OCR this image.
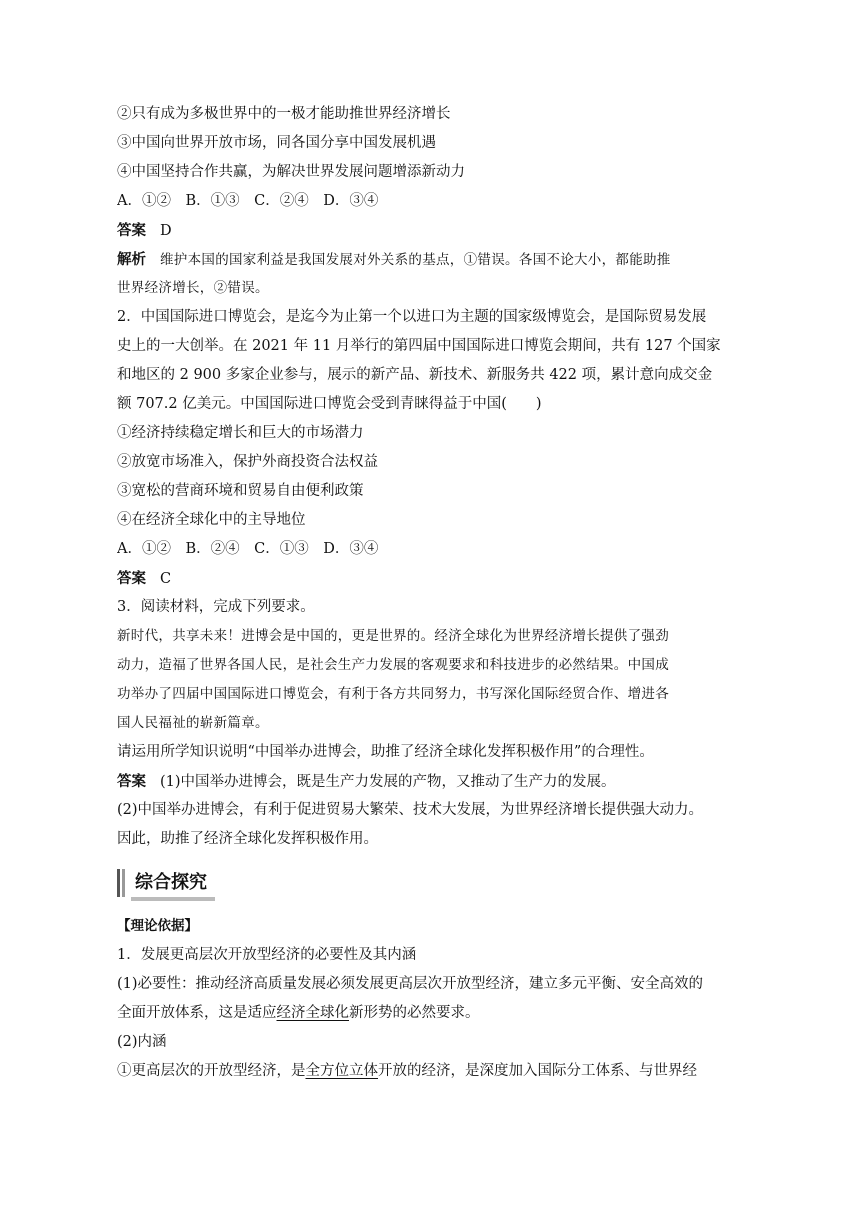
②只有成为多极世界中的一极才能助推世界经济增长
③中国向世界开放市场，同各国分享中国发展机遇
④中国坚持合作共赢，为解决世界发展问题增添新动力
A．①②　B．①③　C．②④　D．③④
答案 D
解析 维护本国的国家利益是我国发展对外关系的基点，①错误。各国不论大小，都能助推
世界经济增长，②错误。
2．中国国际进口博览会，是迄今为止第一个以进口为主题的国家级博览会，是国际贸易发展
史上的一大创举。在 2021 年 11 月举行的第四届中国国际进口博览会期间，共有 127 个国家
和地区的 2 900 多家企业参与，展示的新产品、新技术、新服务共 422 项，累计意向成交金
额 707.2 亿美元。中国国际进口博览会受到青睐得益于中国(　　)
①经济持续稳定增长和巨大的市场潜力
②放宽市场准入，保护外商投资合法权益
③宽松的营商环境和贸易自由便利政策
④在经济全球化中的主导地位
A．①②　B．②④　C．①③　D．③④
答案 C
3．阅读材料，完成下列要求。
新时代，共享未来！进博会是中国的，更是世界的。经济全球化为世界经济增长提供了强劲
动力，造福了世界各国人民，是社会生产力发展的客观要求和科技进步的必然结果。中国成
功举办了四届中国国际进口博览会，有利于各方共同努力，书写深化国际经贸合作、增进各
国人民福祉的崭新篇章。
请运用所学知识说明“中国举办进博会，助推了经济全球化发挥积极作用”的合理性。
答案 (1)中国举办进博会，既是生产力发展的产物，又推动了生产力的发展。
(2)中国举办进博会，有利于促进贸易大繁荣、技术大发展，为世界经济增长提供强大动力。
因此，助推了经济全球化发挥积极作用。
综合探究
【理论依据】
1．发展更高层次开放型经济的必要性及其内涵
(1)必要性：推动经济高质量发展必须发展更高层次开放型经济，建立多元平衡、安全高效的
全面开放体系，这是适应经济全球化新形势的必然要求。
(2)内涵
①更高层次的开放型经济，是全方位立体开放的经济，是深度加入国际分工体系、与世界经
